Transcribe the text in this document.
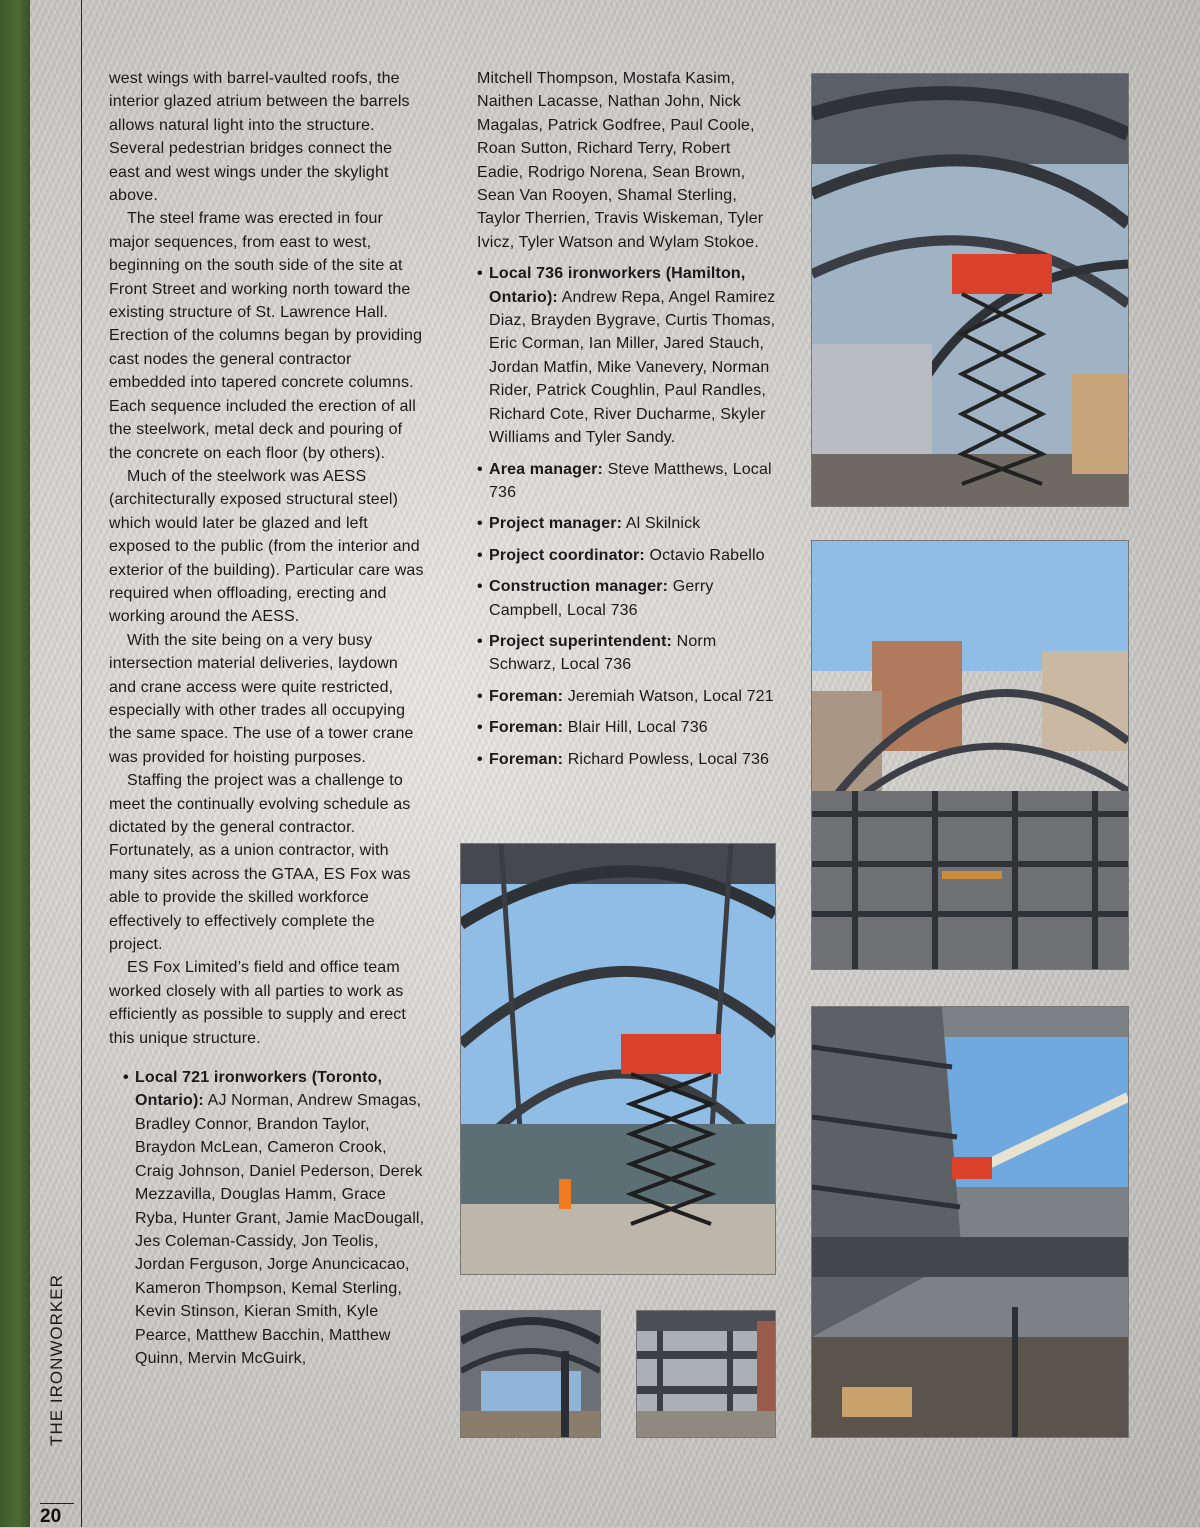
THE IRONWORKER
20

west wings with barrel-vaulted roofs, the interior glazed atrium between the barrels allows natural light into the structure. Several pedestrian bridges connect the east and west wings under the skylight above.

The steel frame was erected in four major sequences, from east to west, beginning on the south side of the site at Front Street and working north toward the existing structure of St. Lawrence Hall. Erection of the columns began by providing cast nodes the general contractor embedded into tapered concrete columns. Each sequence included the erection of all the steelwork, metal deck and pouring of the concrete on each floor (by others).

Much of the steelwork was AESS (architecturally exposed structural steel) which would later be glazed and left exposed to the public (from the interior and exterior of the building). Particular care was required when offloading, erecting and working around the AESS.

With the site being on a very busy intersection material deliveries, laydown and crane access were quite restricted, especially with other trades all occupying the same space. The use of a tower crane was provided for hoisting purposes.

Staffing the project was a challenge to meet the continually evolving schedule as dictated by the general contractor. Fortunately, as a union contractor, with many sites across the GTAA, ES Fox was able to provide the skilled workforce effectively to effectively complete the project.

ES Fox Limited’s field and office team worked closely with all parties to work as efficiently as possible to supply and erect this unique structure.

• Local 721 ironworkers (Toronto, Ontario): AJ Norman, Andrew Smagas, Bradley Connor, Brandon Taylor, Braydon McLean, Cameron Crook, Craig Johnson, Daniel Pederson, Derek Mezzavilla, Douglas Hamm, Grace Ryba, Hunter Grant, Jamie MacDougall, Jes Coleman-Cassidy, Jon Teolis, Jordan Ferguson, Jorge Anuncicacao, Kameron Thompson, Kemal Sterling, Kevin Stinson, Kieran Smith, Kyle Pearce, Matthew Bacchin, Matthew Quinn, Mervin McGuirk,

Mitchell Thompson, Mostafa Kasim, Naithen Lacasse, Nathan John, Nick Magalas, Patrick Godfree, Paul Coole, Roan Sutton, Richard Terry, Robert Eadie, Rodrigo Norena, Sean Brown, Sean Van Rooyen, Shamal Sterling, Taylor Therrien, Travis Wiskeman, Tyler Ivicz, Tyler Watson and Wylam Stokoe.

• Local 736 ironworkers (Hamilton, Ontario): Andrew Repa, Angel Ramirez Diaz, Brayden Bygrave, Curtis Thomas, Eric Corman, Ian Miller, Jared Stauch, Jordan Matfin, Mike Vanevery, Norman Rider, Patrick Coughlin, Paul Randles, Richard Cote, River Ducharme, Skyler Williams and Tyler Sandy.
• Area manager: Steve Matthews, Local 736
• Project manager: Al Skilnick
• Project coordinator: Octavio Rabello
• Construction manager: Gerry Campbell, Local 736
• Project superintendent: Norm Schwarz, Local 736
• Foreman: Jeremiah Watson, Local 721
• Foreman: Blair Hill, Local 736
• Foreman: Richard Powless, Local 736
